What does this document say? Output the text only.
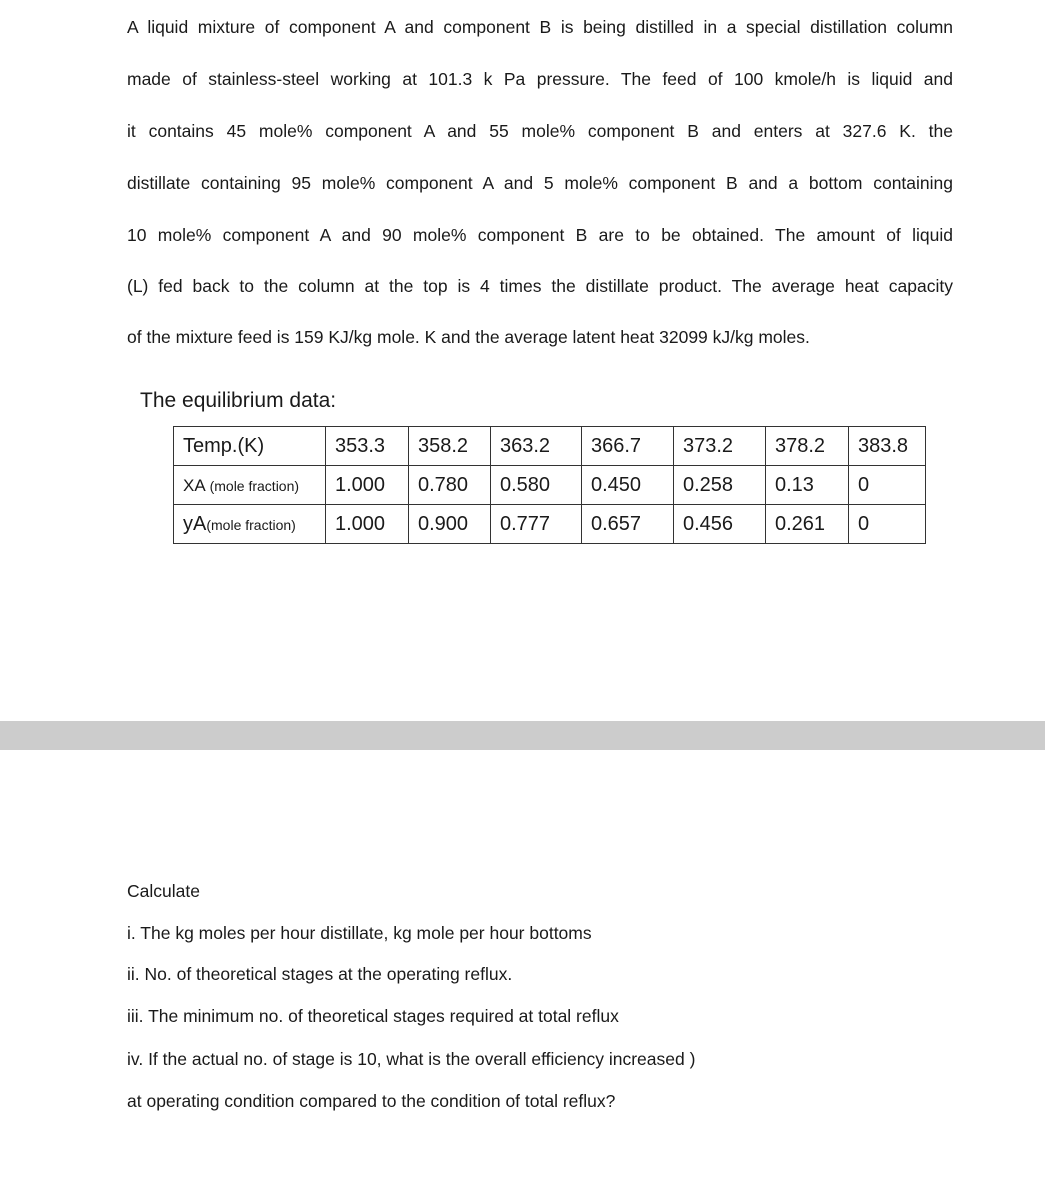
A liquid mixture of component A and component B is being distilled in a special distillation column
made of stainless-steel working at 101.3 k Pa pressure. The feed of 100 kmole/h is liquid and
it contains 45 mole% component A and 55 mole% component B and enters at 327.6 K. the
distillate containing 95 mole% component A and 5 mole% component B and a bottom containing
10 mole% component A and 90 mole% component B are to be obtained. The amount of liquid
(L) fed back to the column at the top is 4 times the distillate product. The average heat capacity
of the mixture feed is 159 KJ/kg mole. K and the average latent heat 32099 kJ/kg moles.
The equilibrium data:
Temp.(K)	353.3	358.2	363.2	366.7	373.2	378.2	383.8
XA (mole fraction)	1.000	0.780	0.580	0.450	0.258	0.13	0
yA(mole fraction)	1.000	0.900	0.777	0.657	0.456	0.261	0
Calculate
i. The kg moles per hour distillate, kg mole per hour bottoms
ii. No. of theoretical stages at the operating reflux.
iii. The minimum no. of theoretical stages required at total reflux
iv. If the actual no. of stage is 10, what is the overall efficiency increased )
at operating condition compared to the condition of total reflux?
